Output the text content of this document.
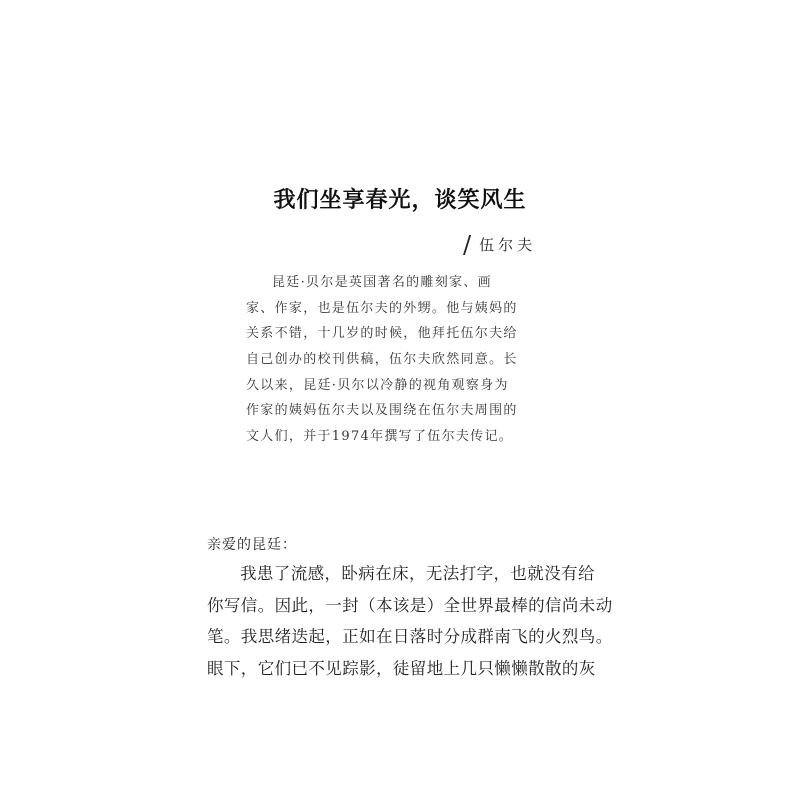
我们坐享春光，谈笑风生
/ 伍尔夫
昆廷·贝尔是英国著名的雕刻家、画
家、作家，也是伍尔夫的外甥。他与姨妈的
关系不错，十几岁的时候，他拜托伍尔夫给
自己创办的校刊供稿，伍尔夫欣然同意。长
久以来，昆廷·贝尔以冷静的视角观察身为
作家的姨妈伍尔夫以及围绕在伍尔夫周围的
文人们，并于1974年撰写了伍尔夫传记。
亲爱的昆廷：
我患了流感，卧病在床，无法打字，也就没有给
你写信。因此，一封（本该是）全世界最棒的信尚未动
笔。我思绪迭起，正如在日落时分成群南飞的火烈鸟。
眼下，它们已不见踪影，徒留地上几只懒懒散散的灰
